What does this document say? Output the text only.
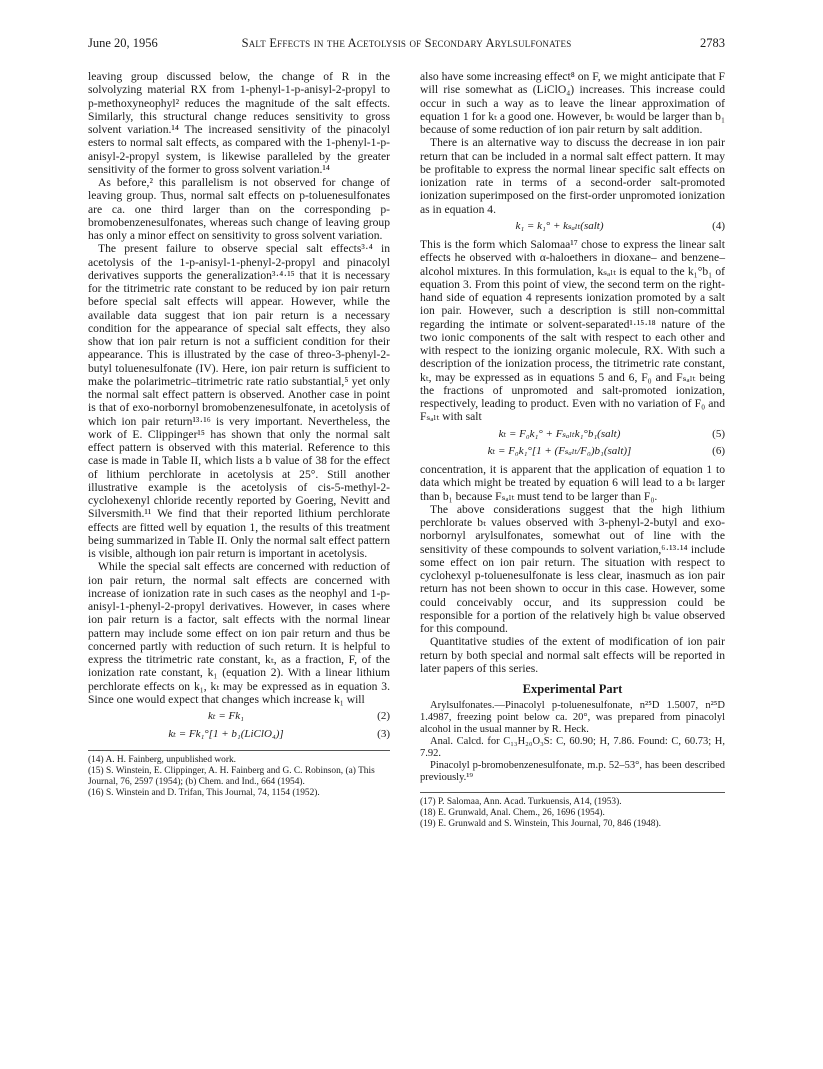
June 20, 1956	Salt Effects in the Acetolysis of Secondary Arylsulfonates	2783

leaving group discussed below, the change of R in the solvolyzing material RX from 1-phenyl-1-p-anisyl-2-propyl to p-methoxyneophyl² reduces the magnitude of the salt effects. Similarly, this structural change reduces sensitivity to gross solvent variation.¹⁴ The increased sensitivity of the pinacolyl esters to normal salt effects, as compared with the 1-phenyl-1-p-anisyl-2-propyl system, is likewise paralleled by the greater sensitivity of the former to gross solvent variation.¹⁴

As before,² this parallelism is not observed for change of leaving group. Thus, normal salt effects on p-toluenesulfonates are ca. one third larger than on the corresponding p-bromobenzenesulfonates, whereas such change of leaving group has only a minor effect on sensitivity to gross solvent variation.

The present failure to observe special salt effects³·⁴ in acetolysis of the 1-p-anisyl-1-phenyl-2-propyl and pinacolyl derivatives supports the generalization³·⁴·¹⁵ that it is necessary for the titrimetric rate constant to be reduced by ion pair return before special salt effects will appear. However, while the available data suggest that ion pair return is a necessary condition for the appearance of special salt effects, they also show that ion pair return is not a sufficient condition for their appearance. This is illustrated by the case of threo-3-phenyl-2-butyl toluenesulfonate (IV). Here, ion pair return is sufficient to make the polarimetric–titrimetric rate ratio substantial,⁵ yet only the normal salt effect pattern is observed. Another case in point is that of exo-norbornyl bromobenzenesulfonate, in acetolysis of which ion pair return¹³·¹⁶ is very important. Nevertheless, the work of E. Clippinger¹⁵ has shown that only the normal salt effect pattern is observed with this material. Reference to this case is made in Table II, which lists a b value of 38 for the effect of lithium perchlorate in acetolysis at 25°. Still another illustrative example is the acetolysis of cis-5-methyl-2-cyclohexenyl chloride recently reported by Goering, Nevitt and Silversmith.¹¹ We find that their reported lithium perchlorate effects are fitted well by equation 1, the results of this treatment being summarized in Table II. Only the normal salt effect pattern is visible, although ion pair return is important in acetolysis.

While the special salt effects are concerned with reduction of ion pair return, the normal salt effects are concerned with increase of ionization rate in such cases as the neophyl and 1-p-anisyl-1-phenyl-2-propyl derivatives. However, in cases where ion pair return is a factor, salt effects with the normal linear pattern may include some effect on ion pair return and thus be concerned partly with reduction of such return. It is helpful to express the titrimetric rate constant, kₜ, as a fraction, F, of the ionization rate constant, k₁ (equation 2). With a linear lithium perchlorate effects on k₁, kₜ may be expressed as in equation 3. Since one would expect that changes which increase k₁ will

kₜ = Fk₁	(2)
kₜ = Fk₁°[1 + b₁(LiClO₄)]	(3)
(14) A. H. Fainberg, unpublished work.
(15) S. Winstein, E. Clippinger, A. H. Fainberg and G. C. Robinson, (a) This Journal, 76, 2597 (1954); (b) Chem. and Ind., 664 (1954).
(16) S. Winstein and D. Trifan, This Journal, 74, 1154 (1952).

also have some increasing effect⁸ on F, we might anticipate that F will rise somewhat as (LiClO₄) increases. This increase could occur in such a way as to leave the linear approximation of equation 1 for kₜ a good one. However, bₜ would be larger than b₁ because of some reduction of ion pair return by salt addition.

There is an alternative way to discuss the decrease in ion pair return that can be included in a normal salt effect pattern. It may be profitable to express the normal linear specific salt effects on ionization rate in terms of a second-order salt-promoted ionization superimposed on the first-order unpromoted ionization as in equation 4.

k₁ = k₁° + kₛₐₗₜ(salt)	(4)

This is the form which Salomaa¹⁷ chose to express the linear salt effects he observed with α-haloethers in dioxane– and benzene–alcohol mixtures. In this formulation, kₛₐₗₜ is equal to the k₁°b₁ of equation 3. From this point of view, the second term on the right-hand side of equation 4 represents ionization promoted by a salt ion pair. However, such a description is still non-committal regarding the intimate or solvent-separated¹·¹⁵·¹⁸ nature of the two ionic components of the salt with respect to each other and with respect to the ionizing organic molecule, RX. With such a description of the ionization process, the titrimetric rate constant, kₜ, may be expressed as in equations 5 and 6, F₀ and Fₛₐₗₜ being the fractions of unpromoted and salt-promoted ionization, respectively, leading to product. Even with no variation of F₀ and Fₛₐₗₜ with salt

kₜ = F₀k₁° + Fₛₐₗₜk₁°b₁(salt)	(5)
kₜ = F₀k₁°[1 + (Fₛₐₗₜ/F₀)b₁(salt)]	(6)

concentration, it is apparent that the application of equation 1 to data which might be treated by equation 6 will lead to a bₜ larger than b₁ because Fₛₐₗₜ must tend to be larger than F₀.

The above considerations suggest that the high lithium perchlorate bₜ values observed with 3-phenyl-2-butyl and exo-norbornyl arylsulfonates, somewhat out of line with the sensitivity of these compounds to solvent variation,⁶·¹³·¹⁴ include some effect on ion pair return. The situation with respect to cyclohexyl p-toluenesulfonate is less clear, inasmuch as ion pair return has not been shown to occur in this case. However, some could conceivably occur, and its suppression could be responsible for a portion of the relatively high bₜ value observed for this compound.

Quantitative studies of the extent of modification of ion pair return by both special and normal salt effects will be reported in later papers of this series.

Experimental Part

Arylsulfonates.—Pinacolyl p-toluenesulfonate, n²⁵D 1.5007, n²⁵D 1.4987, freezing point below ca. 20°, was prepared from pinacolyl alcohol in the usual manner by R. Heck.

Anal. Calcd. for C₁₃H₂₀O₃S: C, 60.90; H, 7.86. Found: C, 60.73; H, 7.92.

Pinacolyl p-bromobenzenesulfonate, m.p. 52–53°, has been described previously.¹⁹

(17) P. Salomaa, Ann. Acad. Turkuensis, A14, (1953).
(18) E. Grunwald, Anal. Chem., 26, 1696 (1954).
(19) E. Grunwald and S. Winstein, This Journal, 70, 846 (1948).
